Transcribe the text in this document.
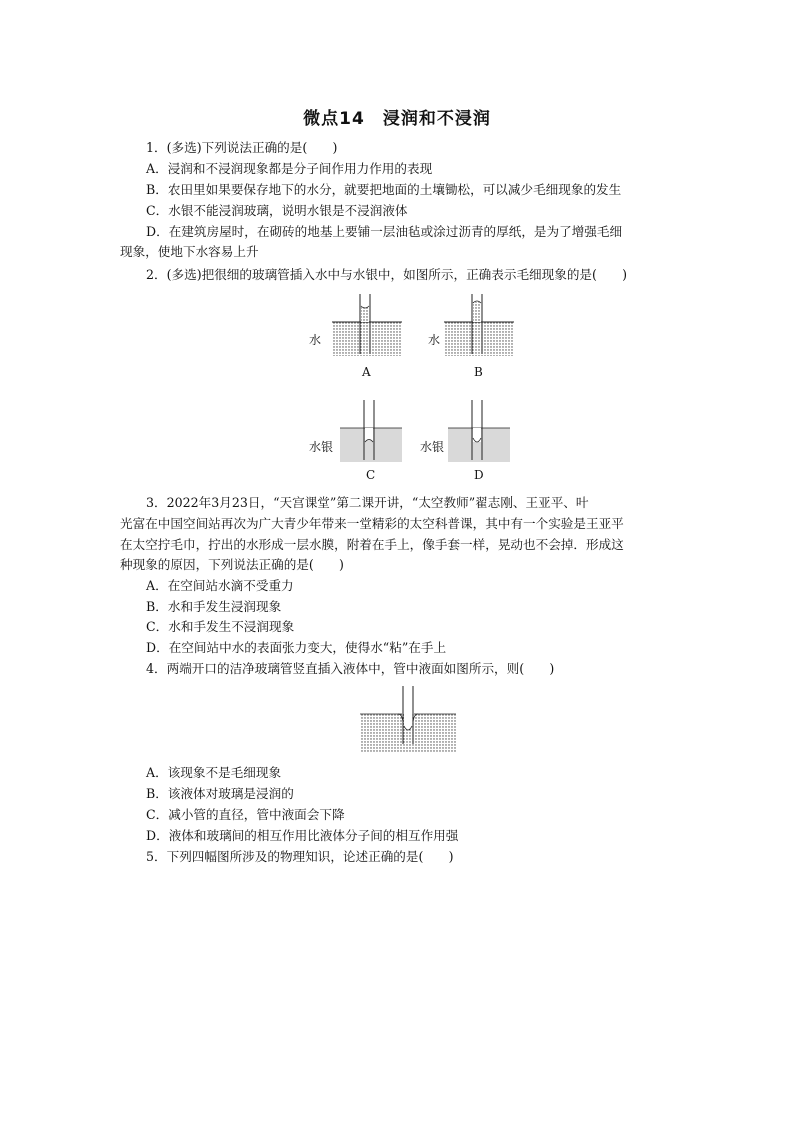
微点14　浸润和不浸润
1．(多选)下列说法正确的是(　　)
A．浸润和不浸润现象都是分子间作用力作用的表现
B．农田里如果要保存地下的水分，就要把地面的土壤锄松，可以减少毛细现象的发生
C．水银不能浸润玻璃，说明水银是不浸润液体
D．在建筑房屋时，在砌砖的地基上要铺一层油毡或涂过沥青的厚纸，是为了增强毛细
现象，使地下水容易上升
2．(多选)把很细的玻璃管插入水中与水银中，如图所示，正确表示毛细现象的是(　　)
水
A
水
B
水银
C
水银
D
3．2022年3月23日，“天宫课堂”第二课开讲，“太空教师”翟志刚、王亚平、叶
光富在中国空间站再次为广大青少年带来一堂精彩的太空科普课，其中有一个实验是王亚平
在太空拧毛巾，拧出的水形成一层水膜，附着在手上，像手套一样，晃动也不会掉．形成这
种现象的原因，下列说法正确的是(　　)
A．在空间站水滴不受重力
B．水和手发生浸润现象
C．水和手发生不浸润现象
D．在空间站中水的表面张力变大，使得水“粘”在手上
4．两端开口的洁净玻璃管竖直插入液体中，管中液面如图所示，则(　　)
A．该现象不是毛细现象
B．该液体对玻璃是浸润的
C．减小管的直径，管中液面会下降
D．液体和玻璃间的相互作用比液体分子间的相互作用强
5．下列四幅图所涉及的物理知识，论述正确的是(　　)
